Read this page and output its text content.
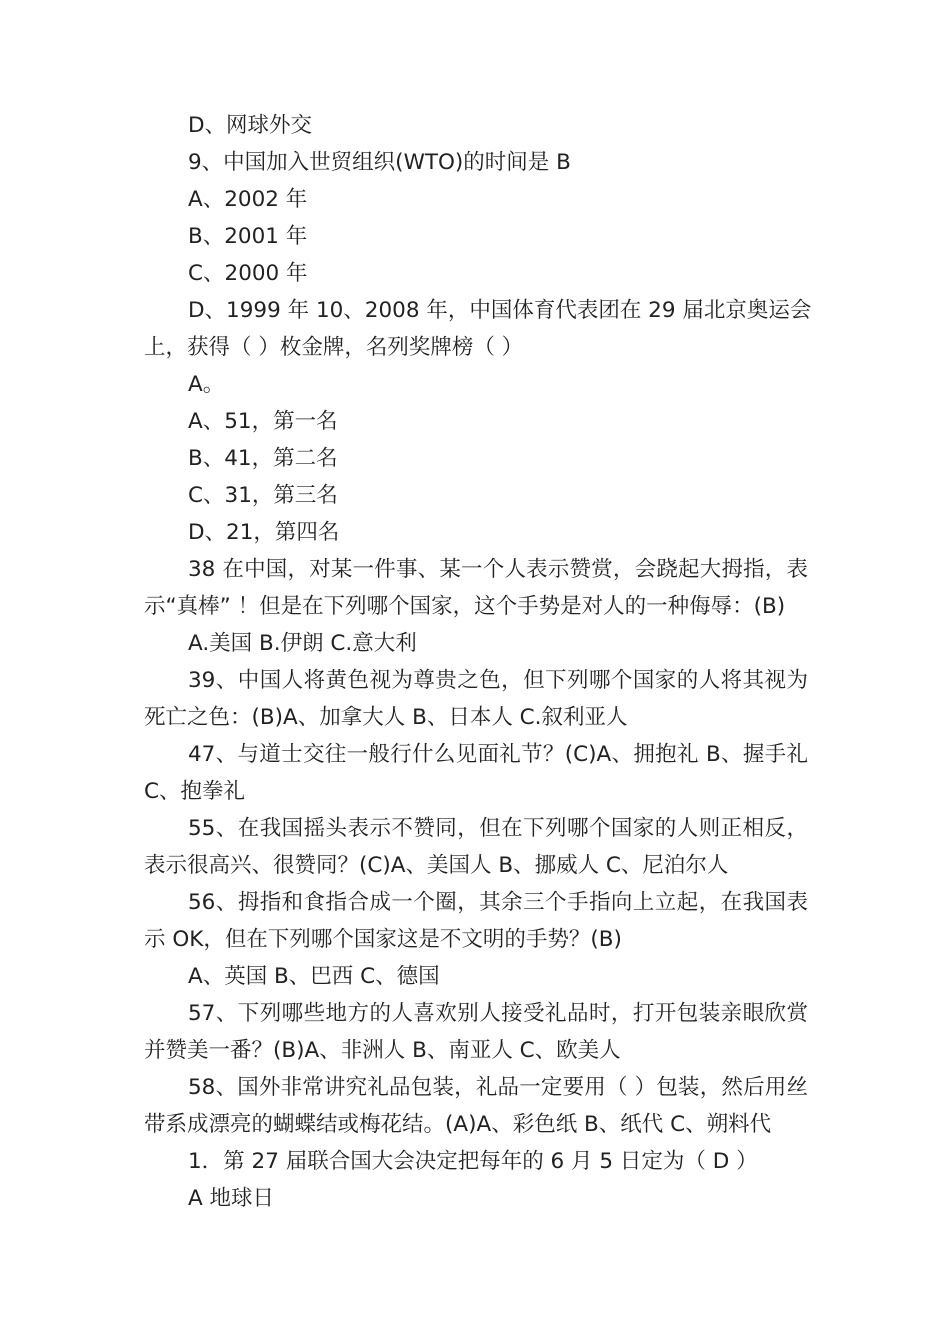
D、网球外交
9、中国加入世贸组织(WTO)的时间是 B
A、2002 年
B、2001 年
C、2000 年
D、1999 年 10、2008 年，中国体育代表团在 29 届北京奥运会
上，获得（ ）枚金牌，名列奖牌榜（ ）
A。
A、51，第一名
B、41，第二名
C、31，第三名
D、21，第四名
38 在中国，对某一件事、某一个人表示赞赏，会跷起大拇指，表
示“真棒” ！但是在下列哪个国家，这个手势是对人的一种侮辱：(B)
A.美国 B.伊朗 C.意大利
39、中国人将黄色视为尊贵之色，但下列哪个国家的人将其视为
死亡之色：(B)A、加拿大人 B、日本人 C.叙利亚人
47、与道士交往一般行什么见面礼节？(C)A、拥抱礼 B、握手礼
C、抱拳礼
55、在我国摇头表示不赞同，但在下列哪个国家的人则正相反，
表示很高兴、很赞同？(C)A、美国人 B、挪威人 C、尼泊尔人
56、拇指和食指合成一个圈，其余三个手指向上立起，在我国表
示 OK，但在下列哪个国家这是不文明的手势？(B)
A、英国 B、巴西 C、德国
57、下列哪些地方的人喜欢别人接受礼品时，打开包装亲眼欣赏
并赞美一番？(B)A、非洲人 B、南亚人 C、欧美人
58、国外非常讲究礼品包装，礼品一定要用（ ）包装，然后用丝
带系成漂亮的蝴蝶结或梅花结。(A)A、彩色纸 B、纸代 C、朔料代
1．第 27 届联合国大会决定把每年的 6 月 5 日定为（ D ）
A 地球日
